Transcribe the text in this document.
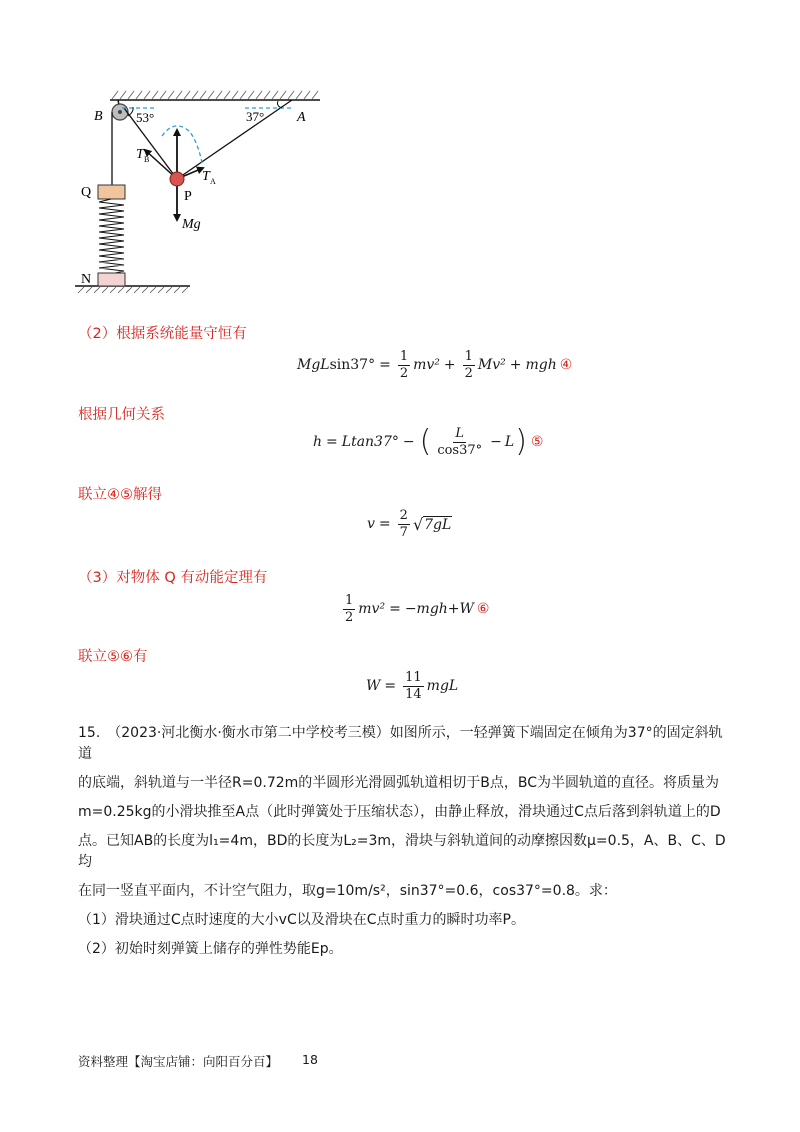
B	53°	37° A
T B
T A
P
Mg
Q
N
（2）根据系统能量守恒有
MgL $\sin 37^\circ = \frac{1}{2} mv^2 + \frac{1}{2} Mv^2$ + mgh ④
根据几何关系
h = Ltan37° − ( $\frac{L}{\cos 37^\circ} - L$ ) ⑤
联立④⑤解得
$v = \frac{2}{7}$ √ 7gL
（3）对物体 Q 有动能定理有
$\frac{1}{2} mv^2 = -mgh+W$ ⑥
联立⑤⑥有
$W = \frac{11}{14}$ mgL

15.　（2023·河北衡水·衡水市第二中学校考三模）如图所示，一轻弹簧下端固定在倾角为37°的固定斜轨道

的底端，斜轨道与一半径R=0.72m的半圆形光滑圆弧轨道相切于B点，BC为半圆轨道的直径。将质量为

m=0.25kg的小滑块推至A点（此时弹簧处于压缩状态），由静止释放，滑块通过C点后落到斜轨道上的D

点。已知AB的长度为l₁=4m，BD的长度为L₂=3m，滑块与斜轨道间的动摩擦因数μ=0.5，A、B、C、D均

在同一竖直平面内，不计空气阻力，取g=10m/s²，sin37°=0.6，cos37°=0.8。求：

（1）滑块通过C点时速度的大小vC以及滑块在C点时重力的瞬时功率P。

（2）初始时刻弹簧上储存的弹性势能Ep。

资料整理【淘宝店铺：向阳百分百】 18
